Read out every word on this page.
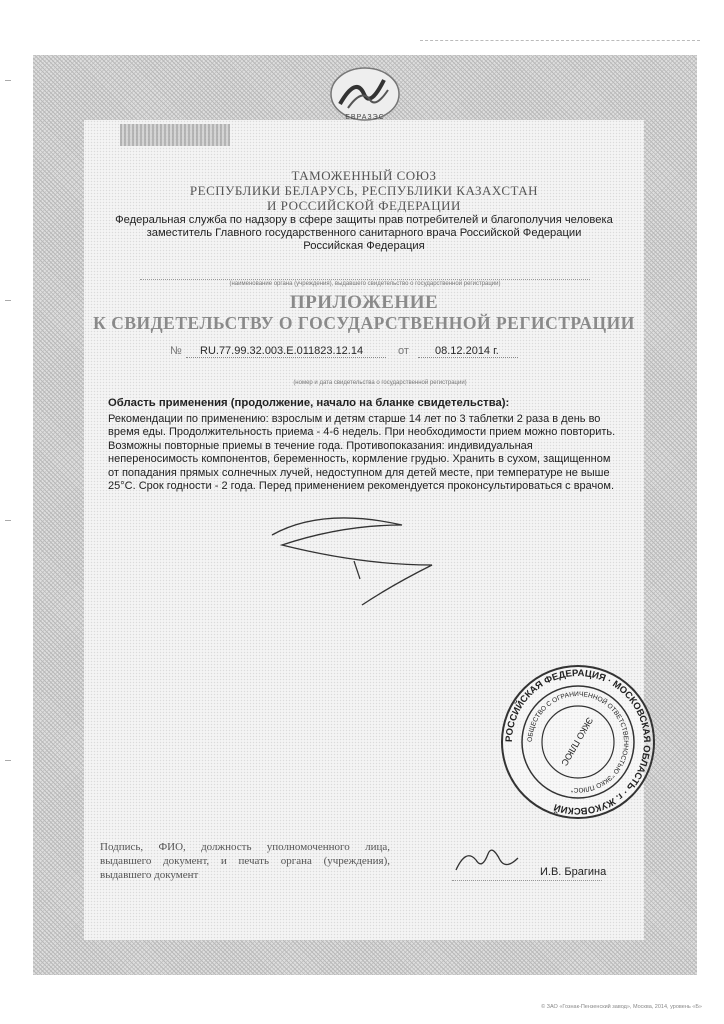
ЕВРАЗЭС
ТАМОЖЕННЫЙ СОЮЗ
РЕСПУБЛИКИ БЕЛАРУСЬ, РЕСПУБЛИКИ КАЗАХСТАН
И РОССИЙСКОЙ ФЕДЕРАЦИИ
Федеральная служба по надзору в сфере защиты прав потребителей и благополучия человека
заместитель Главного государственного санитарного врача Российской Федерации
Российская Федерация
(наименование органа (учреждения), выдавшего свидетельство о государственной регистрации)
ПРИЛОЖЕНИЕ
К СВИДЕТЕЛЬСТВУ О ГОСУДАРСТВЕННОЙ РЕГИСТРАЦИИ
№ RU.77.99.32.003.E.011823.12.14	от 08.12.2014 г.
(номер и дата свидетельства о государственной регистрации)
Область применения (продолжение, начало на бланке свидетельства):
Рекомендации по применению: взрослым и детям старше 14 лет по 3 таблетки 2 раза в день во
время еды. Продолжительность приема - 4-6 недель. При необходимости прием можно повторить.
Возможны повторные приемы в течение года. Противопоказания: индивидуальная
непереносимость компонентов, беременность, кормление грудью. Хранить в сухом, защищенном
от попадания прямых солнечных лучей, недоступном для детей месте, при температуре не выше
25°С. Срок годности - 2 года. Перед применением рекомендуется проконсультироваться с врачом.
Подпись, ФИО, должность уполномоченного лица, выдавшего документ, и печать органа (учреждения), выдавшего документ	И.В. Брагина
РОССИЙСКАЯ ФЕДЕРАЦИЯ · МОСКОВСКАЯ ОБЛАСТЬ · г. ЖУКОВСКИЙ
ОБЩЕСТВО С ОГРАНИЧЕННОЙ ОТВЕТСТВЕННОСТЬЮ "ЭККО ПЛЮС"
ЭККО ПЛЮС
© ЗАО «Гознак-Пензенский завод», Москва, 2014, уровень «Б»
